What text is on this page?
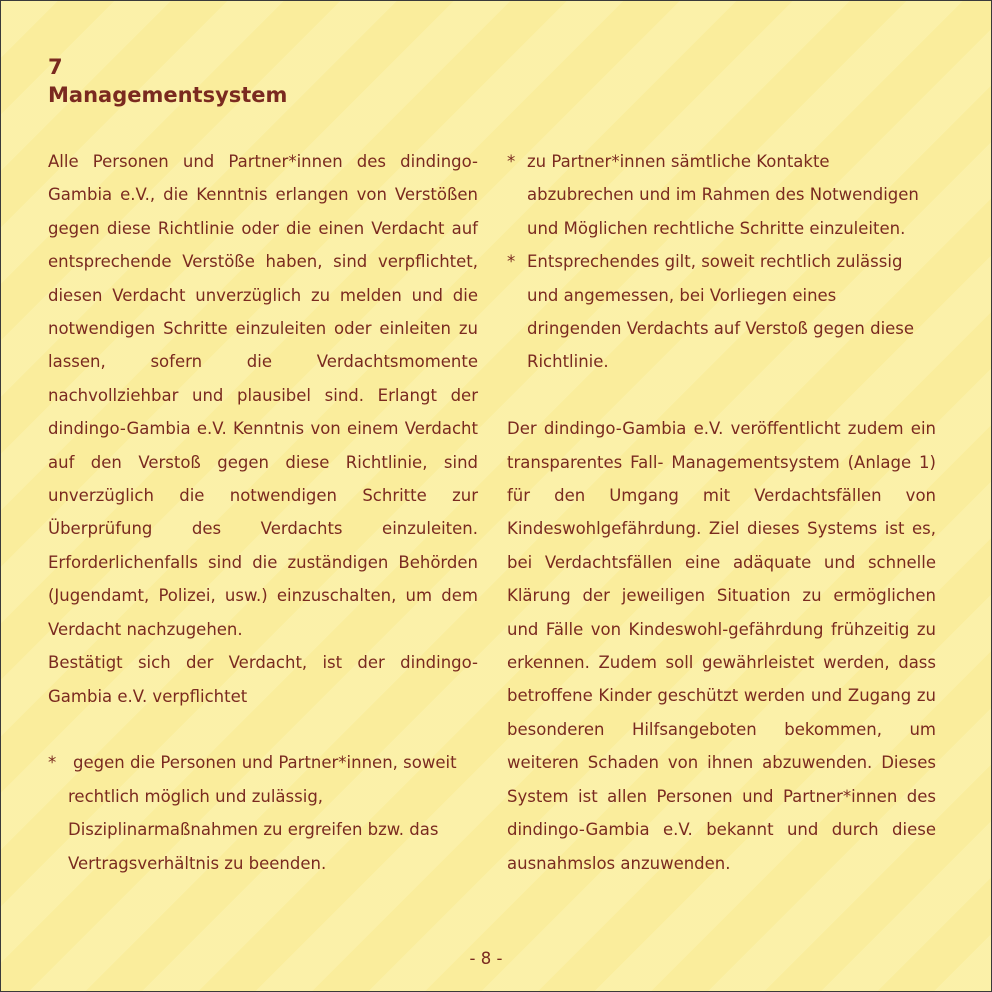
7
Managementsystem

Alle Personen und Partner*innen des dindingo-Gambia e.V., die Kenntnis erlangen von Verstößen gegen diese Richtlinie oder die einen Verdacht auf entsprechende Verstöße haben, sind verpflichtet, diesen Verdacht unverzüglich zu melden und die notwendigen Schritte einzuleiten oder einleiten zu lassen, sofern die Verdachtsmomente nachvollziehbar und plausibel sind. Erlangt der dindingo-Gambia e.V. Kenntnis von einem Verdacht auf den Verstoß gegen diese Richtlinie, sind unverzüglich die notwendigen Schritte zur Überprüfung des Verdachts einzuleiten. Erforderlichenfalls sind die zuständigen Behörden (Jugendamt, Polizei, usw.) einzuschalten, um dem Verdacht nachzugehen.

Bestätigt sich der Verdacht, ist der dindingo-Gambia e.V. verpflichtet

*	gegen die Personen und Partner*innen, soweit
rechtlich möglich und zulässig,
Disziplinarmaßnahmen zu ergreifen bzw. das
Vertragsverhältnis zu beenden.
* zu Partner*innen sämtliche Kontakte
abzubrechen und im Rahmen des Notwendigen
und Möglichen rechtliche Schritte einzuleiten.
* Entsprechendes gilt, soweit rechtlich zulässig
und angemessen, bei Vorliegen eines
dringenden Verdachts auf Verstoß gegen diese
Richtlinie.

Der dindingo-Gambia e.V. veröffentlicht zudem ein transparentes Fall- Managementsystem (Anlage 1) für den Umgang mit Verdachtsfällen von Kindeswohlgefährdung. Ziel dieses Systems ist es, bei Verdachtsfällen eine adäquate und schnelle Klärung der jeweiligen Situation zu ermöglichen und Fälle von Kindeswohl-gefährdung frühzeitig zu erkennen. Zudem soll gewährleistet werden, dass betroffene Kinder geschützt werden und Zugang zu besonderen Hilfsangeboten bekommen, um weiteren Schaden von ihnen abzuwenden. Dieses System ist allen Personen und Partner*innen des dindingo-Gambia e.V. bekannt und durch diese ausnahmslos anzuwenden.

- 8 -
